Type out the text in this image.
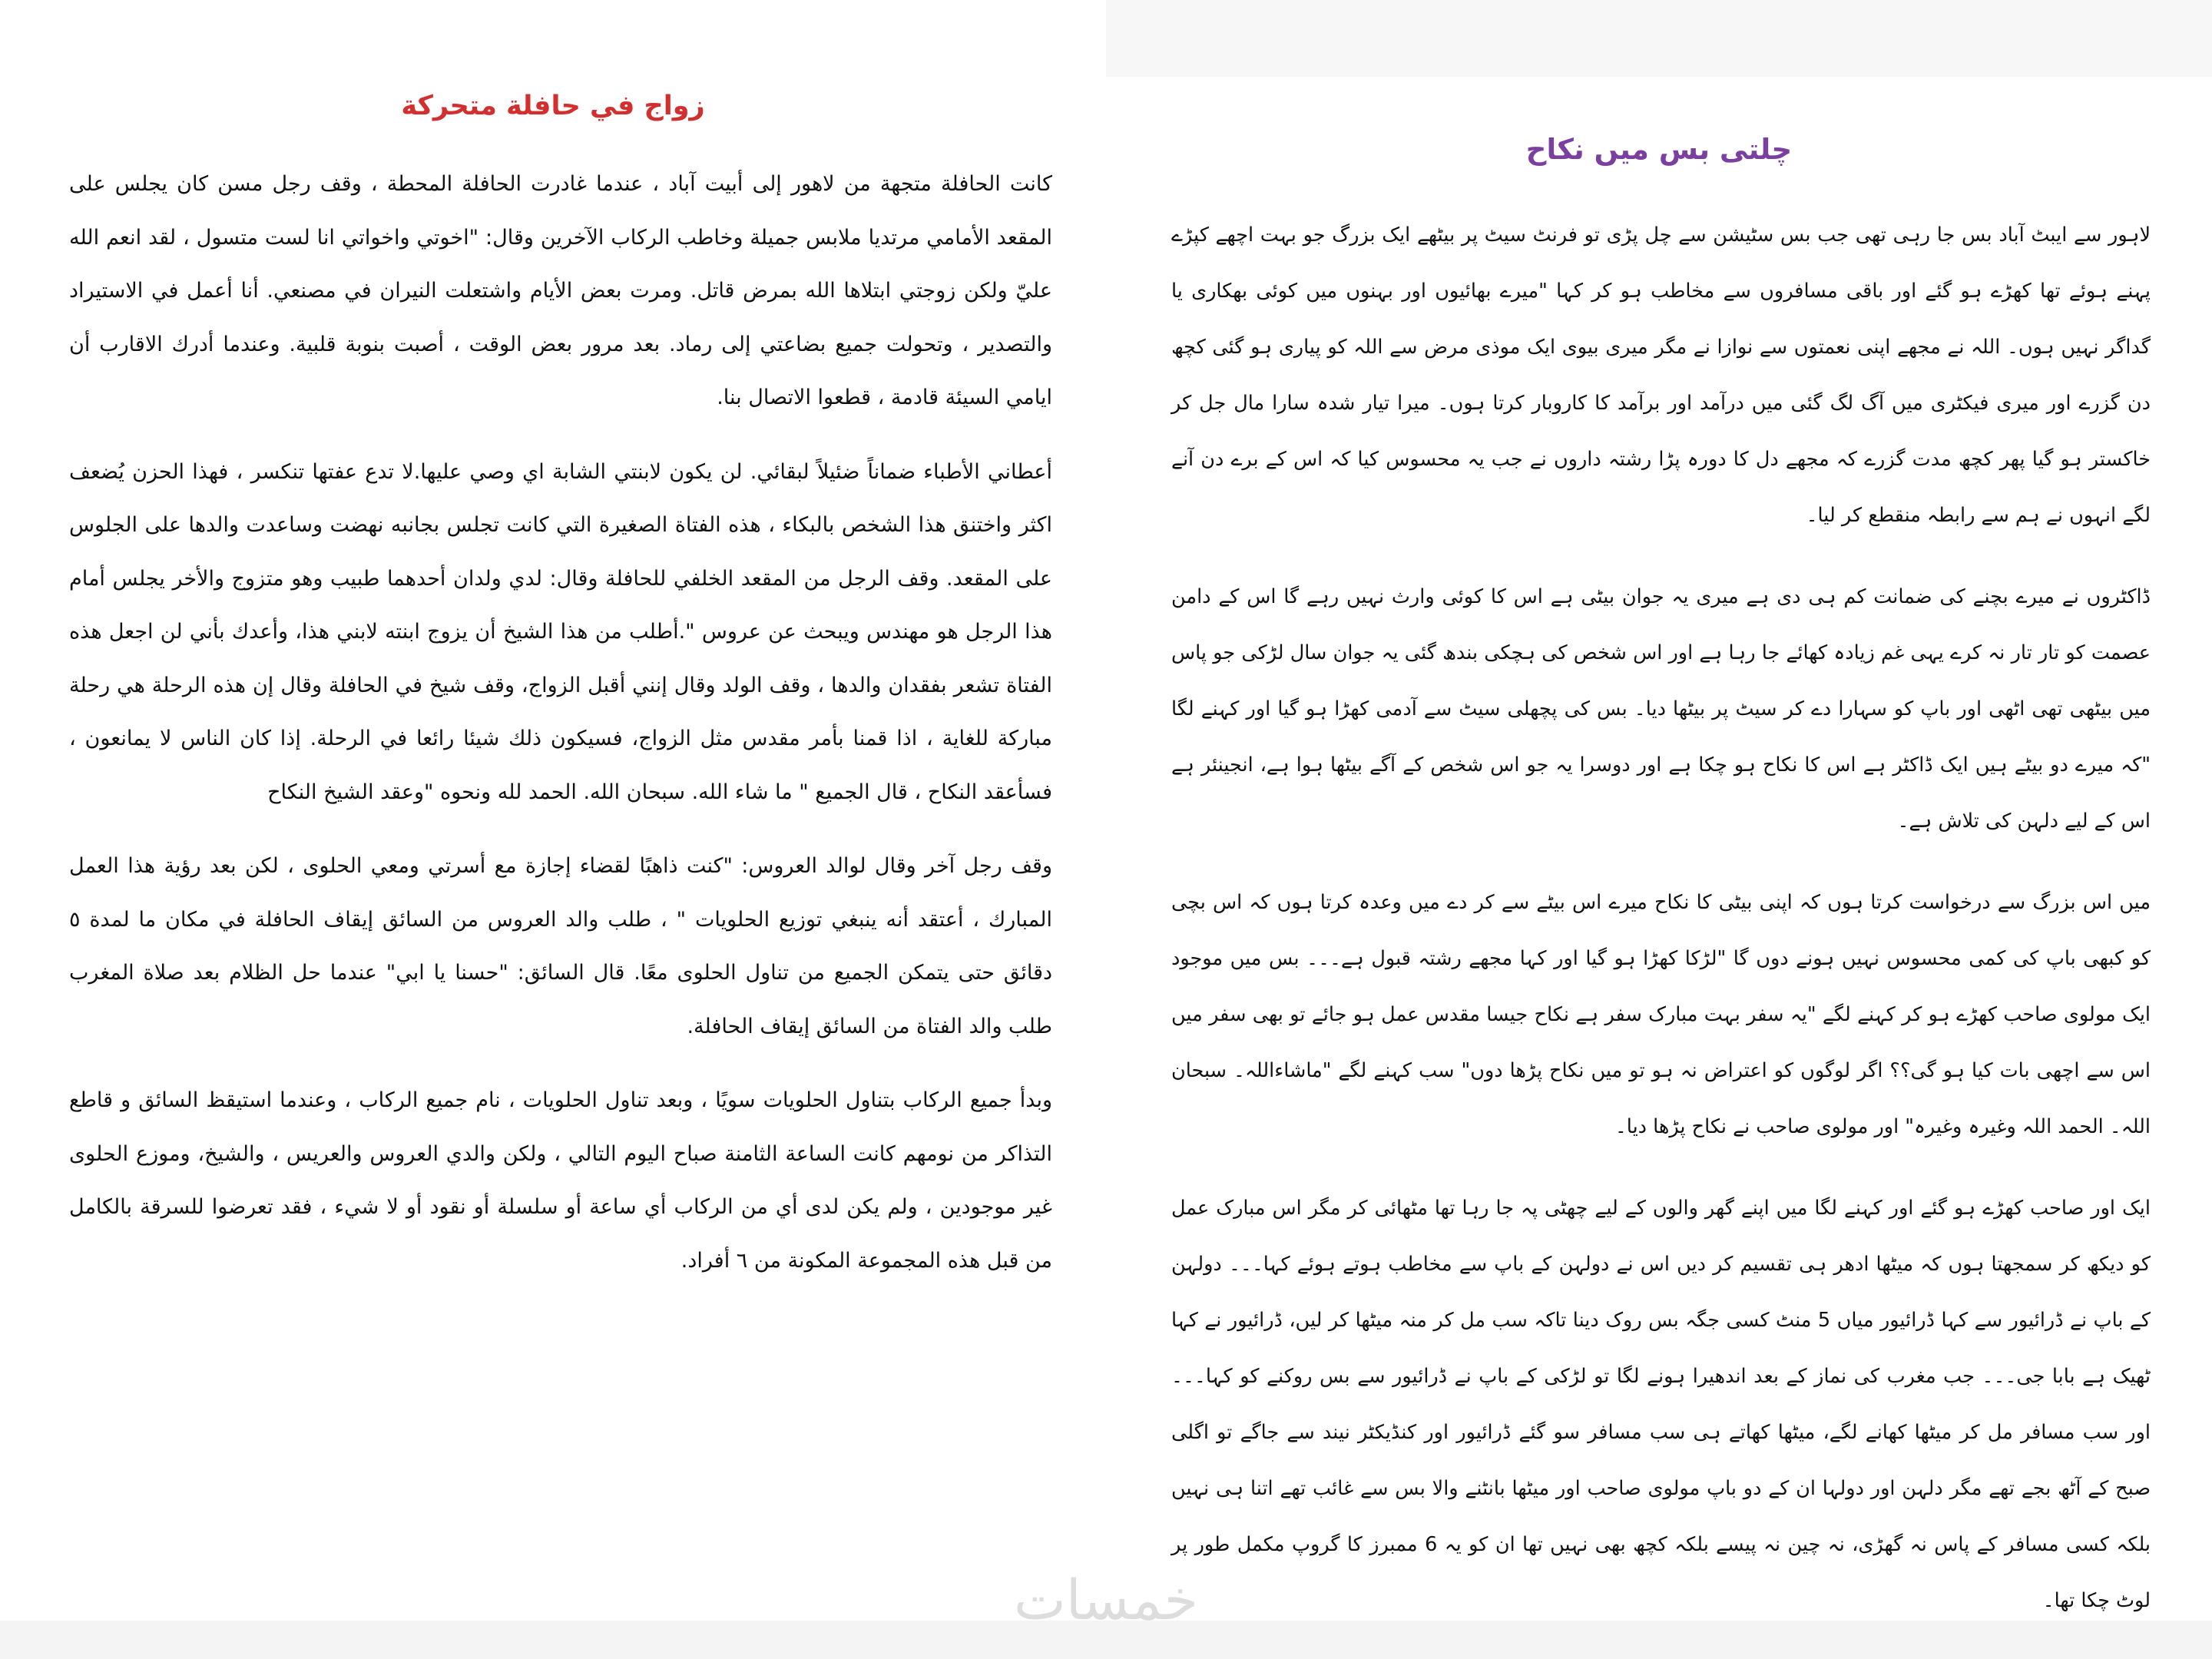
زواج في حافلة متحركة

كانت الحافلة متجهة من لاهور إلى أبيت آباد ، عندما غادرت الحافلة المحطة ، وقف رجل مسن كان يجلس على المقعد الأمامي مرتديا ملابس جميلة وخاطب الركاب الآخرين وقال: "اخوتي واخواتي انا لست متسول ، لقد انعم الله عليّ ولكن زوجتي ابتلاها الله بمرض قاتل. ومرت بعض الأيام واشتعلت النيران في مصنعي. أنا أعمل في الاستيراد والتصدير ، وتحولت جميع بضاعتي إلى رماد. بعد مرور بعض الوقت ، أصبت بنوبة قلبية. وعندما أدرك الاقارب أن ايامي السيئة قادمة ، قطعوا الاتصال بنا.

أعطاني الأطباء ضماناً ضئيلاً لبقائي. لن يكون لابنتي الشابة اي وصي عليها.لا تدع عفتها تنكسر ، فهذا الحزن يُضعف اكثر واختنق هذا الشخص بالبكاء ، هذه الفتاة الصغيرة التي كانت تجلس بجانبه نهضت وساعدت والدها على الجلوس على المقعد. وقف الرجل من المقعد الخلفي للحافلة وقال: لدي ولدان أحدهما طبيب وهو متزوج والأخر يجلس أمام هذا الرجل هو مهندس ويبحث عن عروس ".أطلب من هذا الشيخ أن يزوج ابنته لابني هذا، وأعدك بأني لن اجعل هذه الفتاة تشعر بفقدان والدها ، وقف الولد وقال إنني أقبل الزواج، وقف شيخ في الحافلة وقال إن هذه الرحلة هي رحلة مباركة للغاية ، اذا قمنا بأمر مقدس مثل الزواج، فسيكون ذلك شيئا رائعا في الرحلة. إذا كان الناس لا يمانعون ، فسأعقد النكاح ، قال الجميع " ما شاء الله. سبحان الله. الحمد لله ونحوه "وعقد الشيخ النكاح

وقف رجل آخر وقال لوالد العروس: "كنت ذاهبًا لقضاء إجازة مع أسرتي ومعي الحلوى ، لكن بعد رؤية هذا العمل المبارك ، أعتقد أنه ينبغي توزيع الحلويات " ، طلب والد العروس من السائق إيقاف الحافلة في مكان ما لمدة ٥ دقائق حتى يتمكن الجميع من تناول الحلوى معًا. قال السائق: "حسنا يا ابي" عندما حل الظلام بعد صلاة المغرب طلب والد الفتاة من السائق إيقاف الحافلة.

وبدأ جميع الركاب بتناول الحلويات سويًا ، وبعد تناول الحلويات ، نام جميع الركاب ، وعندما استيقظ السائق و قاطع التذاكر من نومهم كانت الساعة الثامنة صباح اليوم التالي ، ولكن والدي العروس والعريس ، والشيخ، وموزع الحلوى غير موجودين ، ولم يكن لدى أي من الركاب أي ساعة أو سلسلة أو نقود أو لا شيء ، فقد تعرضوا للسرقة بالكامل من قبل هذه المجموعة المكونة من ٦ أفراد.

چلتی بس میں نکاح

لاہور سے ایبٹ آباد بس جا رہی تھی جب بس سٹیشن سے چل پڑی تو فرنٹ سیٹ پر بیٹھے ایک بزرگ جو بہت اچھے کپڑے پہنے ہوئے تھا کھڑے ہو گئے اور باقی مسافروں سے مخاطب ہو کر کہا "میرے بھائیوں اور بہنوں میں کوئی بھکاری یا گداگر نہیں ہوں۔ اللہ نے مجھے اپنی نعمتوں سے نوازا نے مگر میری بیوی ایک موذی مرض سے اللہ کو پیاری ہو گئی کچھ دن گزرے اور میری فیکٹری میں آگ لگ گئی میں درآمد اور برآمد کا کاروبار کرتا ہوں۔ میرا تیار شدہ سارا مال جل کر خاکستر ہو گیا پھر کچھ مدت گزرے کہ مجھے دل کا دورہ پڑا رشتہ داروں نے جب یہ محسوس کیا کہ اس کے برے دن آنے لگے انہوں نے ہم سے رابطہ منقطع کر لیا۔

ڈاکٹروں نے میرے بچنے کی ضمانت کم ہی دی ہے میری یہ جوان بیٹی ہے اس کا کوئی وارث نہیں رہے گا اس کے دامن عصمت کو تار تار نہ کرے یہی غم زیادہ کھائے جا رہا ہے اور اس شخص کی ہچکی بندھ گئی یہ جوان سال لڑکی جو پاس میں بیٹھی تھی اٹھی اور باپ کو سہارا دے کر سیٹ پر بیٹھا دیا۔ بس کی پچھلی سیٹ سے آدمی کھڑا ہو گیا اور کہنے لگا "کہ میرے دو بیٹے ہیں ایک ڈاکٹر ہے اس کا نکاح ہو چکا ہے اور دوسرا یہ جو اس شخص کے آگے بیٹھا ہوا ہے، انجینئر ہے اس کے لیے دلہن کی تلاش ہے۔

میں اس بزرگ سے درخواست کرتا ہوں کہ اپنی بیٹی کا نکاح میرے اس بیٹے سے کر دے میں وعدہ کرتا ہوں کہ اس بچی کو کبھی باپ کی کمی محسوس نہیں ہونے دوں گا "لڑکا کھڑا ہو گیا اور کہا مجھے رشتہ قبول ہے۔۔۔ بس میں موجود ایک مولوی صاحب کھڑے ہو کر کہنے لگے "یہ سفر بہت مبارک سفر ہے نکاح جیسا مقدس عمل ہو جائے تو بھی سفر میں اس سے اچھی بات کیا ہو گی؟؟ اگر لوگوں کو اعتراض نہ ہو تو میں نکاح پڑھا دوں" سب کہنے لگے "ماشاءاللہ۔ سبحان اللہ۔ الحمد اللہ وغیرہ وغیرہ" اور مولوی صاحب نے نکاح پڑھا دیا۔

ایک اور صاحب کھڑے ہو گئے اور کہنے لگا میں اپنے گھر والوں کے لیے چھٹی پہ جا رہا تھا مٹھائی کر مگر اس مبارک عمل کو دیکھ کر سمجھتا ہوں کہ میٹھا ادھر ہی تقسیم کر دیں اس نے دولہن کے باپ سے مخاطب ہوتے ہوئے کہا۔۔۔ دولہن کے باپ نے ڈرائیور سے کہا ڈرائیور میاں 5 منٹ کسی جگہ بس روک دینا تاکہ سب مل کر منہ میٹھا کر لیں، ڈرائیور نے کہا ٹھیک ہے بابا جی۔۔۔ جب مغرب کی نماز کے بعد اندھیرا ہونے لگا تو لڑکی کے باپ نے ڈرائیور سے بس روکنے کو کہا۔۔۔ اور سب مسافر مل کر میٹھا کھانے لگے، میٹھا کھاتے ہی سب مسافر سو گئے ڈرائیور اور کنڈیکٹر نیند سے جاگے تو اگلی صبح کے آٹھ بجے تھے مگر دلہن اور دولہا ان کے دو باپ مولوی صاحب اور میٹھا بانٹنے والا بس سے غائب تھے اتنا ہی نہیں بلکہ کسی مسافر کے پاس نہ گھڑی، نہ چین نہ پیسے بلکہ کچھ بھی نہیں تھا ان کو یہ 6 ممبرز کا گروپ مکمل طور پر لوٹ چکا تھا۔

خمسات
